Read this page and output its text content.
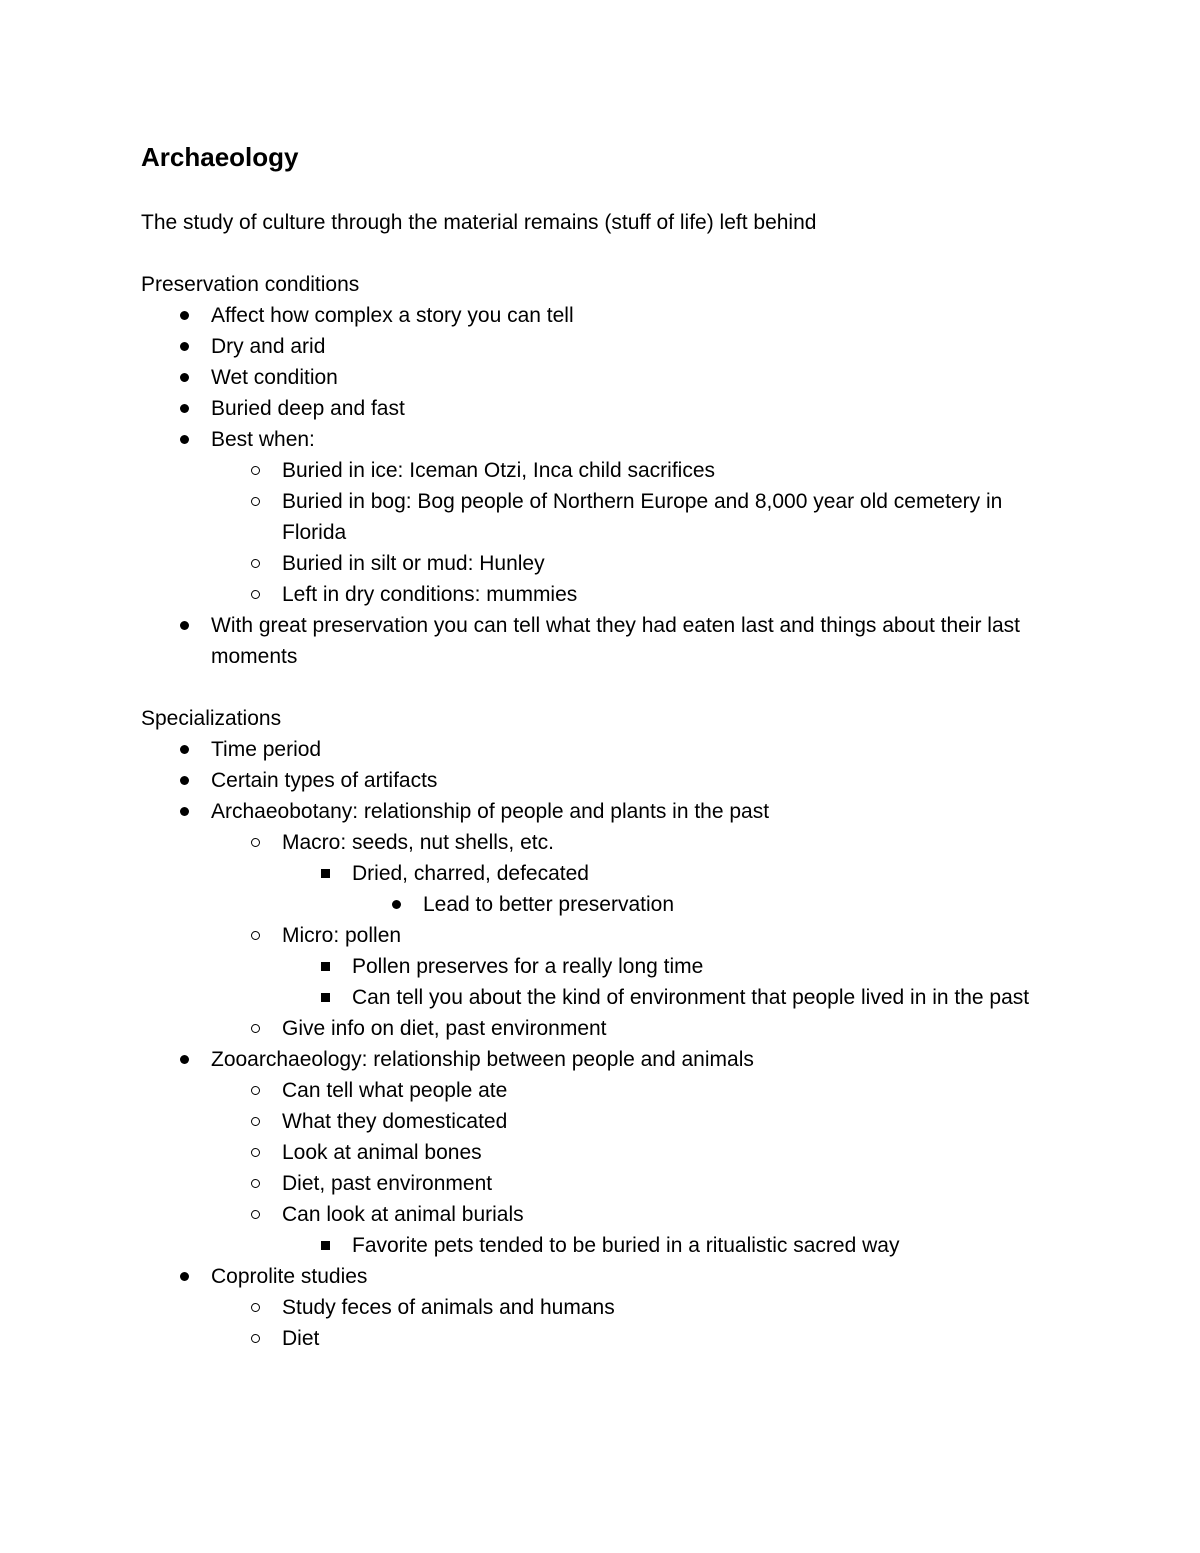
Archaeology

The study of culture through the material remains (stuff of life) left behind

Preservation conditions

Affect how complex a story you can tell
Dry and arid
Wet condition
Buried deep and fast
Best when:
Buried in ice: Iceman Otzi, Inca child sacrifices
Buried in bog: Bog people of Northern Europe and 8,000 year old cemetery in Florida
Buried in silt or mud: Hunley
Left in dry conditions: mummies
With great preservation you can tell what they had eaten last and things about their last moments

Specializations

Time period
Certain types of artifacts
Archaeobotany: relationship of people and plants in the past
Macro: seeds, nut shells, etc.
Dried, charred, defecated
Lead to better preservation
Micro: pollen
Pollen preserves for a really long time
Can tell you about the kind of environment that people lived in in the past
Give info on diet, past environment
Zooarchaeology: relationship between people and animals
Can tell what people ate
What they domesticated
Look at animal bones
Diet, past environment
Can look at animal burials
Favorite pets tended to be buried in a ritualistic sacred way
Coprolite studies
Study feces of animals and humans
Diet
